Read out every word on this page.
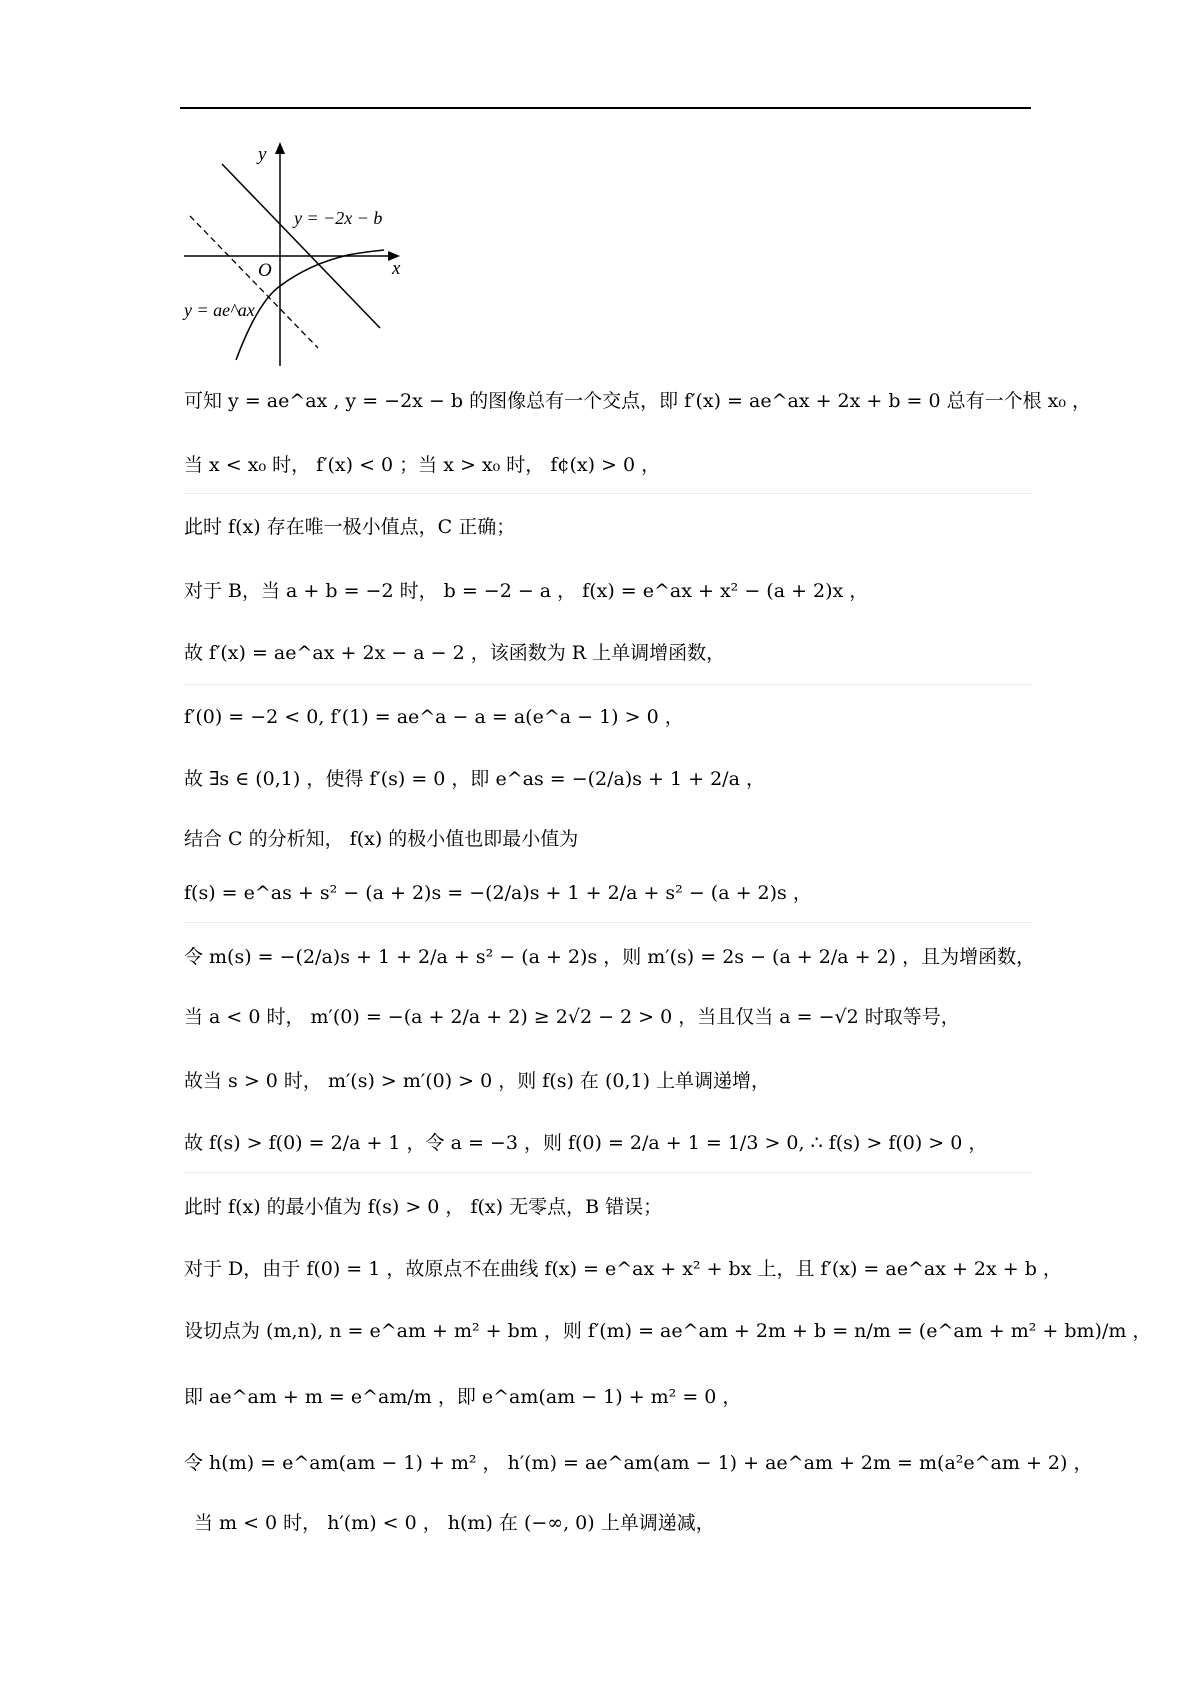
y
x
O
y = −2x − b
y = ae^ax
可知 y = ae^ax , y = −2x − b 的图像总有一个交点，即 f′(x) = ae^ax + 2x + b = 0 总有一个根 x₀ ，
当 x < x₀ 时， f′(x) < 0 ；当 x > x₀ 时， f¢(x) > 0 ，
此时 f(x) 存在唯一极小值点，C 正确；
对于 B，当 a + b = −2 时， b = −2 − a ， f(x) = e^ax + x² − (a + 2)x ，
故 f′(x) = ae^ax + 2x − a − 2 ，该函数为 R 上单调增函数，
f′(0) = −2 < 0, f′(1) = ae^a − a = a(e^a − 1) > 0 ，
故 ∃s ∈ (0,1) ，使得 f′(s) = 0 ，即 e^as = −(2/a)s + 1 + 2/a ，
结合 C 的分析知， f(x) 的极小值也即最小值为
f(s) = e^as + s² − (a + 2)s = −(2/a)s + 1 + 2/a + s² − (a + 2)s ，
令 m(s) = −(2/a)s + 1 + 2/a + s² − (a + 2)s ，则 m′(s) = 2s − (a + 2/a + 2) ，且为增函数，
当 a < 0 时， m′(0) = −(a + 2/a + 2) ≥ 2√2 − 2 > 0 ，当且仅当 a = −√2 时取等号，
故当 s > 0 时， m′(s) > m′(0) > 0 ，则 f(s) 在 (0,1) 上单调递增，
故 f(s) > f(0) = 2/a + 1 ，令 a = −3 ，则 f(0) = 2/a + 1 = 1/3 > 0, ∴ f(s) > f(0) > 0 ，
此时 f(x) 的最小值为 f(s) > 0 ， f(x) 无零点，B 错误；
对于 D，由于 f(0) = 1 ，故原点不在曲线 f(x) = e^ax + x² + bx 上，且 f′(x) = ae^ax + 2x + b ，
设切点为 (m,n), n = e^am + m² + bm ，则 f′(m) = ae^am + 2m + b = n/m = (e^am + m² + bm)/m ，
即 ae^am + m = e^am/m ，即 e^am(am − 1) + m² = 0 ，
令 h(m) = e^am(am − 1) + m² ， h′(m) = ae^am(am − 1) + ae^am + 2m = m(a²e^am + 2) ，
当 m < 0 时， h′(m) < 0 ， h(m) 在 (−∞, 0) 上单调递减，
